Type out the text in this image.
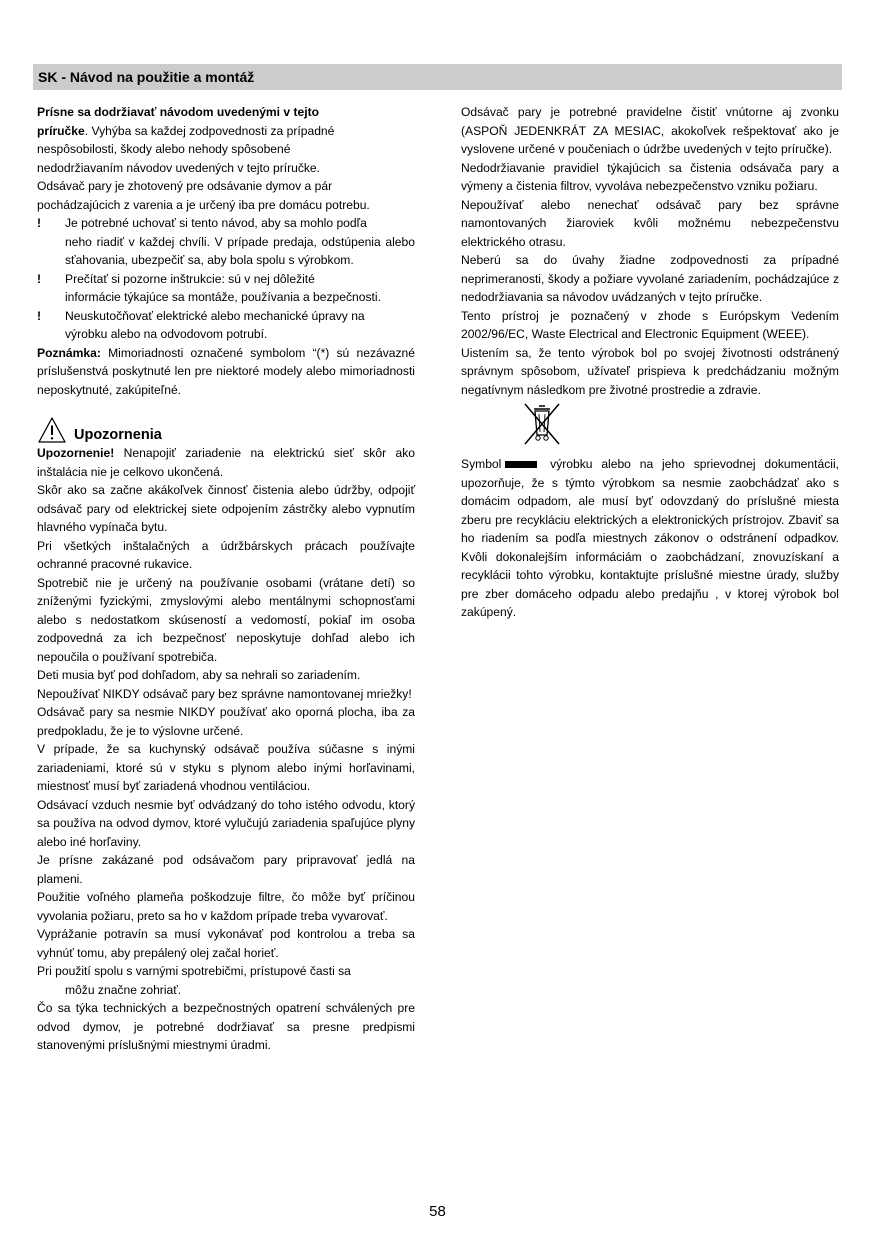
SK - Návod na použitie a montáž

Prísne sa dodržiavať návodom uvedenými v tejto

príručke. Vyhýba sa každej zodpovednosti za prípadné

nespôsobilosti, škody alebo nehody spôsobené

nedodržiavaním návodov uvedených v tejto príručke.

Odsávač pary je zhotovený pre odsávanie dymov a pár

pochádzajúcich z varenia a je určený iba pre domácu potrebu.

! Je potrebné uchovať si tento návod, aby sa mohlo podľa

neho riadiť v každej chvíli. V prípade predaja, odstúpenia alebo sťahovania, ubezpečiť sa, aby bola spolu s výrobkom.

! Prečítať si pozorne inštrukcie: sú v nej dôležité

informácie týkajúce sa montáže, používania a bezpečnosti.

! Neuskutočňovať elektrické alebo mechanické úpravy na

výrobku alebo na odvodovom potrubí.

Poznámka: Mimoriadnosti označené symbolom “(*) sú nezávazné príslušenstvá poskytnuté len pre niektoré modely alebo mimoriadnosti neposkytnuté, zakúpiteľné.

Upozornenia

Upozornenie! Nenapojiť zariadenie na elektrickú sieť skôr ako inštalácia nie je celkovo ukončená.

Skôr ako sa začne akákoľvek činnosť čistenia alebo údržby, odpojiť odsávač pary od elektrickej siete odpojením zástrčky alebo vypnutím hlavného vypínača bytu.

Pri všetkých inštalačných a údržbárskych prácach používajte ochranné pracovné rukavice.

Spotrebič nie je určený na používanie osobami (vrátane detí) so zníženými fyzickými, zmyslovými alebo mentálnymi schopnosťami alebo s nedostatkom skúseností a vedomostí, pokiaľ im osoba zodpovedná za ich bezpečnosť neposkytuje dohľad alebo ich nepoučila o používaní spotrebiča.

Deti musia byť pod dohľadom, aby sa nehrali so zariadením.

Nepoužívať NIKDY odsávač pary bez správne namontovanej mriežky!

Odsávač pary sa nesmie NIKDY používať ako oporná plocha, iba za predpokladu, že je to výslovne určené.

V prípade, že sa kuchynský odsávač používa súčasne s inými zariadeniami, ktoré sú v styku s plynom alebo inými horľavinami, miestnosť musí byť zariadená vhodnou ventiláciou.

Odsávací vzduch nesmie byť odvádzaný do toho istého odvodu, ktorý sa používa na odvod dymov, ktoré vylučujú zariadenia spaľujúce plyny alebo iné horľaviny.

Je prísne zakázané pod odsávačom pary pripravovať jedlá na plameni.

Použitie voľného plameňa poškodzuje filtre, čo môže byť príčinou vyvolania požiaru, preto sa ho v každom prípade treba vyvarovať.

Vyprážanie potravín sa musí vykonávať pod kontrolou a treba sa vyhnúť tomu, aby prepálený olej začal horieť.

Pri použití spolu s varnými spotrebičmi, prístupové časti sa

môžu značne zohriať.

Čo sa týka technických a bezpečnostných opatrení schválených pre odvod dymov, je potrebné dodržiavať sa presne predpismi stanovenými príslušnými miestnymi úradmi.

Odsávač pary je potrebné pravidelne čistiť vnútorne aj zvonku (ASPOŇ JEDENKRÁT ZA MESIAC, akokoľvek rešpektovať ako je vyslovene určené v poučeniach o údržbe uvedených v tejto príručke).

Nedodržiavanie pravidiel týkajúcich sa čistenia odsávača pary a výmeny a čistenia filtrov, vyvoláva nebezpečenstvo vzniku požiaru.

Nepoužívať alebo nenechať odsávač pary bez správne namontovaných žiaroviek kvôli možnému nebezpečenstvu elektrického otrasu.

Neberú sa do úvahy žiadne zodpovednosti za prípadné neprimeranosti, škody a požiare vyvolané zariadením, pochádzajúce z nedodržiavania sa návodov uvádzaných v tejto príručke.

Tento prístroj je poznačený v zhode s Európskym Vedením 2002/96/EC, Waste Electrical and Electronic Equipment (WEEE).

Uistením sa, že tento výrobok bol po svojej životnosti odstránený správnym spôsobom, užívateľ prispieva k predchádzaniu možným negatívnym následkom pre životné prostredie a zdravie.

Symbol	výrobku alebo na jeho sprievodnej dokumentácii, upozorňuje, že s týmto výrobkom sa nesmie zaobchádzať ako s domácim odpadom, ale musí byť odovzdaný do príslušné miesta zberu pre recykláciu elektrických a elektronických prístrojov. Zbaviť sa ho riadením sa podľa miestnych zákonov o odstránení odpadkov. Kvôli dokonalejším informáciám o zaobchádzaní, znovuzískaní a recyklácii tohto výrobku, kontaktujte príslušné miestne úrady, služby pre zber domáceho odpadu alebo predajňu , v ktorej výrobok bol zakúpený.

58
